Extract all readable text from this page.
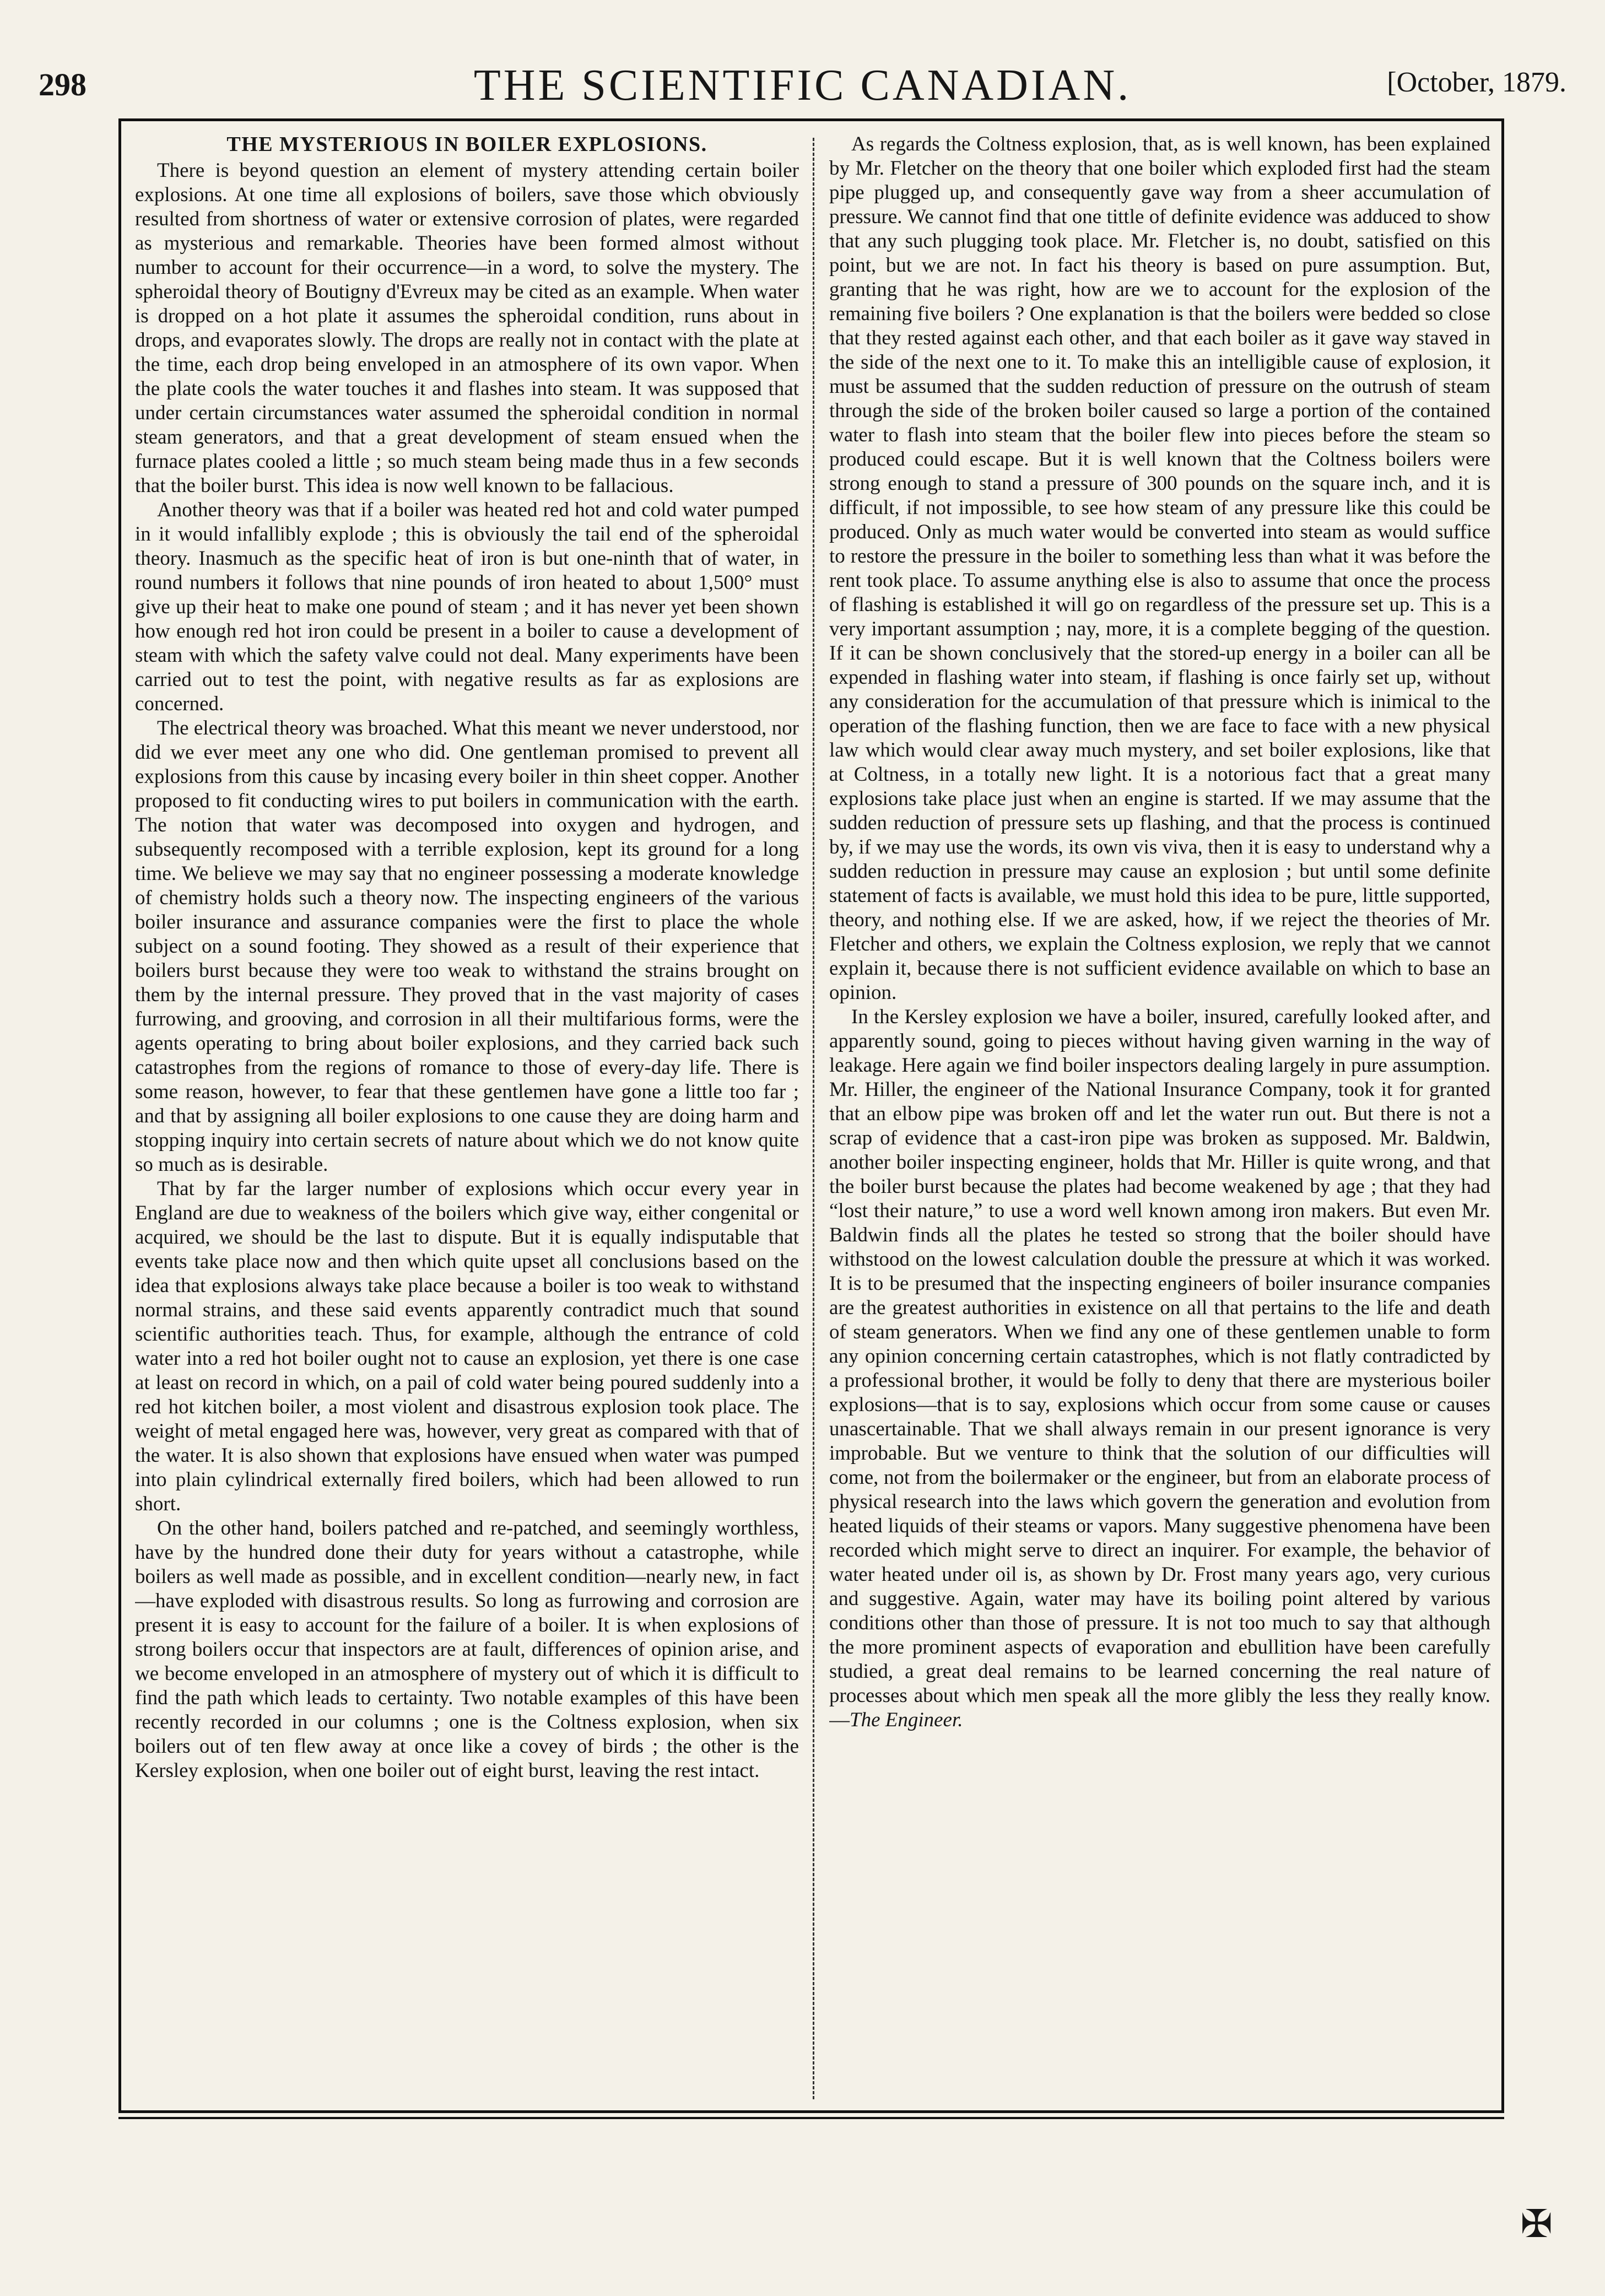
298	THE SCIENTIFIC CANADIAN.	[October, 1879.
THE MYSTERIOUS IN BOILER EXPLOSIONS.

There is beyond question an element of mystery attending certain boiler explosions. At one time all explosions of boilers, save those which obviously resulted from shortness of water or extensive corrosion of plates, were regarded as mysterious and remarkable. Theories have been formed almost without number to account for their occurrence—in a word, to solve the mystery. The spheroidal theory of Boutigny d'Evreux may be cited as an example. When water is dropped on a hot plate it assumes the spheroidal condition, runs about in drops, and evaporates slowly. The drops are really not in contact with the plate at the time, each drop being enveloped in an atmosphere of its own vapor. When the plate cools the water touches it and flashes into steam. It was supposed that under certain circumstances water assumed the spheroidal condition in normal steam generators, and that a great development of steam ensued when the furnace plates cooled a little ; so much steam being made thus in a few seconds that the boiler burst. This idea is now well known to be fallacious.

Another theory was that if a boiler was heated red hot and cold water pumped in it would infallibly explode ; this is obviously the tail end of the spheroidal theory. Inasmuch as the specific heat of iron is but one-ninth that of water, in round numbers it follows that nine pounds of iron heated to about 1,500° must give up their heat to make one pound of steam ; and it has never yet been shown how enough red hot iron could be present in a boiler to cause a development of steam with which the safety valve could not deal. Many experiments have been carried out to test the point, with negative results as far as explosions are concerned.

The electrical theory was broached. What this meant we never understood, nor did we ever meet any one who did. One gentleman promised to prevent all explosions from this cause by incasing every boiler in thin sheet copper. Another proposed to fit conducting wires to put boilers in communication with the earth. The notion that water was decomposed into oxygen and hydrogen, and subsequently recomposed with a terrible explosion, kept its ground for a long time. We believe we may say that no engineer possessing a moderate knowledge of chemistry holds such a theory now. The inspecting engineers of the various boiler insurance and assurance companies were the first to place the whole subject on a sound footing. They showed as a result of their experience that boilers burst because they were too weak to withstand the strains brought on them by the internal pressure. They proved that in the vast majority of cases furrowing, and grooving, and corrosion in all their multifarious forms, were the agents operating to bring about boiler explosions, and they carried back such catastrophes from the regions of romance to those of every-day life. There is some reason, however, to fear that these gentlemen have gone a little too far ; and that by assigning all boiler explosions to one cause they are doing harm and stopping inquiry into certain secrets of nature about which we do not know quite so much as is desirable.

That by far the larger number of explosions which occur every year in England are due to weakness of the boilers which give way, either congenital or acquired, we should be the last to dispute. But it is equally indisputable that events take place now and then which quite upset all conclusions based on the idea that explosions always take place because a boiler is too weak to withstand normal strains, and these said events apparently contradict much that sound scientific authorities teach. Thus, for example, although the entrance of cold water into a red hot boiler ought not to cause an explosion, yet there is one case at least on record in which, on a pail of cold water being poured suddenly into a red hot kitchen boiler, a most violent and disastrous explosion took place. The weight of metal engaged here was, however, very great as compared with that of the water. It is also shown that explosions have ensued when water was pumped into plain cylindrical externally fired boilers, which had been allowed to run short.

On the other hand, boilers patched and re-patched, and seemingly worthless, have by the hundred done their duty for years without a catastrophe, while boilers as well made as possible, and in excellent condition—nearly new, in fact—have exploded with disastrous results. So long as furrowing and corrosion are present it is easy to account for the failure of a boiler. It is when explosions of strong boilers occur that inspectors are at fault, differences of opinion arise, and we become enveloped in an atmosphere of mystery out of which it is difficult to find the path which leads to certainty. Two notable examples of this have been recently recorded in our columns ; one is the Coltness explosion, when six boilers out of ten flew away at once like a covey of birds ; the other is the Kersley explosion, when one boiler out of eight burst, leaving the rest intact.

As regards the Coltness explosion, that, as is well known, has been explained by Mr. Fletcher on the theory that one boiler which exploded first had the steam pipe plugged up, and consequently gave way from a sheer accumulation of pressure. We cannot find that one tittle of definite evidence was adduced to show that any such plugging took place. Mr. Fletcher is, no doubt, satisfied on this point, but we are not. In fact his theory is based on pure assumption. But, granting that he was right, how are we to account for the explosion of the remaining five boilers ? One explanation is that the boilers were bedded so close that they rested against each other, and that each boiler as it gave way staved in the side of the next one to it. To make this an intelligible cause of explosion, it must be assumed that the sudden reduction of pressure on the outrush of steam through the side of the broken boiler caused so large a portion of the contained water to flash into steam that the boiler flew into pieces before the steam so produced could escape. But it is well known that the Coltness boilers were strong enough to stand a pressure of 300 pounds on the square inch, and it is difficult, if not impossible, to see how steam of any pressure like this could be produced. Only as much water would be converted into steam as would suffice to restore the pressure in the boiler to something less than what it was before the rent took place. To assume anything else is also to assume that once the process of flashing is established it will go on regardless of the pressure set up. This is a very important assumption ; nay, more, it is a complete begging of the question. If it can be shown conclusively that the stored-up energy in a boiler can all be expended in flashing water into steam, if flashing is once fairly set up, without any consideration for the accumulation of that pressure which is inimical to the operation of the flashing function, then we are face to face with a new physical law which would clear away much mystery, and set boiler explosions, like that at Coltness, in a totally new light. It is a notorious fact that a great many explosions take place just when an engine is started. If we may assume that the sudden reduction of pressure sets up flashing, and that the process is continued by, if we may use the words, its own vis viva, then it is easy to understand why a sudden reduction in pressure may cause an explosion ; but until some definite statement of facts is available, we must hold this idea to be pure, little supported, theory, and nothing else. If we are asked, how, if we reject the theories of Mr. Fletcher and others, we explain the Coltness explosion, we reply that we cannot explain it, because there is not sufficient evidence available on which to base an opinion.

In the Kersley explosion we have a boiler, insured, carefully looked after, and apparently sound, going to pieces without having given warning in the way of leakage. Here again we find boiler inspectors dealing largely in pure assumption. Mr. Hiller, the engineer of the National Insurance Company, took it for granted that an elbow pipe was broken off and let the water run out. But there is not a scrap of evidence that a cast-iron pipe was broken as supposed. Mr. Baldwin, another boiler inspecting engineer, holds that Mr. Hiller is quite wrong, and that the boiler burst because the plates had become weakened by age ; that they had “lost their nature,” to use a word well known among iron makers. But even Mr. Baldwin finds all the plates he tested so strong that the boiler should have withstood on the lowest calculation double the pressure at which it was worked. It is to be presumed that the inspecting engineers of boiler insurance companies are the greatest authorities in existence on all that pertains to the life and death of steam generators. When we find any one of these gentlemen unable to form any opinion concerning certain catastrophes, which is not flatly contradicted by a professional brother, it would be folly to deny that there are mysterious boiler explosions—that is to say, explosions which occur from some cause or causes unascertainable. That we shall always remain in our present ignorance is very improbable. But we venture to think that the solution of our difficulties will come, not from the boilermaker or the engineer, but from an elaborate process of physical research into the laws which govern the generation and evolution from heated liquids of their steams or vapors. Many suggestive phenomena have been recorded which might serve to direct an inquirer. For example, the behavior of water heated under oil is, as shown by Dr. Frost many years ago, very curious and suggestive. Again, water may have its boiling point altered by various conditions other than those of pressure. It is not too much to say that although the more prominent aspects of evaporation and ebullition have been carefully studied, a great deal remains to be learned concerning the real nature of processes about which men speak all the more glibly the less they really know.—The Engineer.

✠
